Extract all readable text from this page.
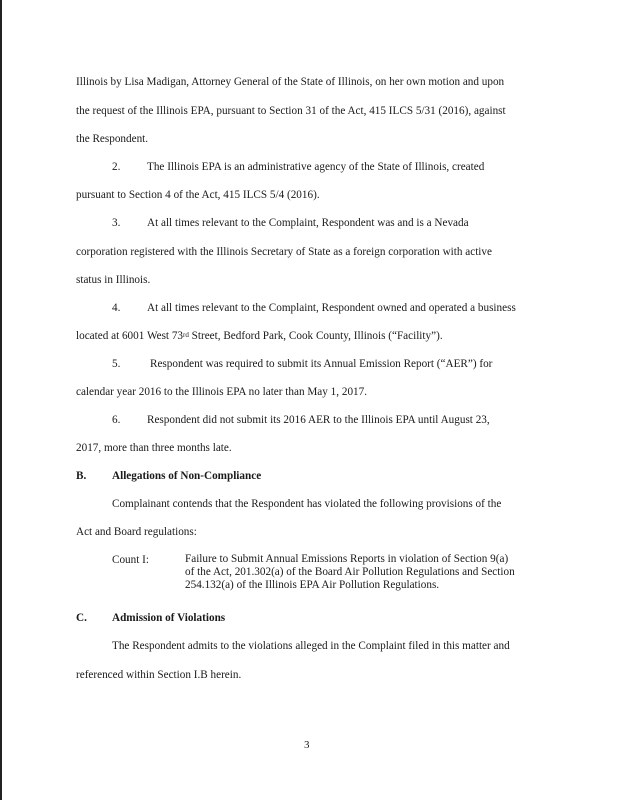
Illinois by Lisa Madigan, Attorney General of the State of Illinois, on her own motion and upon
the request of the Illinois EPA, pursuant to Section 31 of the Act, 415 ILCS 5/31 (2016), against
the Respondent.
2. The Illinois EPA is an administrative agency of the State of Illinois, created
pursuant to Section 4 of the Act, 415 ILCS 5/4 (2016).
3. At all times relevant to the Complaint, Respondent was and is a Nevada
corporation registered with the Illinois Secretary of State as a foreign corporation with active
status in Illinois.
4. At all times relevant to the Complaint, Respondent owned and operated a business
located at 6001 West 73rd Street, Bedford Park, Cook County, Illinois (“Facility”).
5.	Respondent was required to submit its Annual Emission Report (“AER”) for
calendar year 2016 to the Illinois EPA no later than May 1, 2017.
6. Respondent did not submit its 2016 AER to the Illinois EPA until August 23,
2017, more than three months late.
B. Allegations of Non-Compliance
Complainant contends that the Respondent has violated the following provisions of the
Act and Board regulations:
Count I:	Failure to Submit Annual Emissions Reports in violation of Section 9(a) of the Act, 201.302(a) of the Board Air Pollution Regulations and Section 254.132(a) of the Illinois EPA Air Pollution Regulations.
C. Admission of Violations
The Respondent admits to the violations alleged in the Complaint filed in this matter and
referenced within Section I.B herein.
3
